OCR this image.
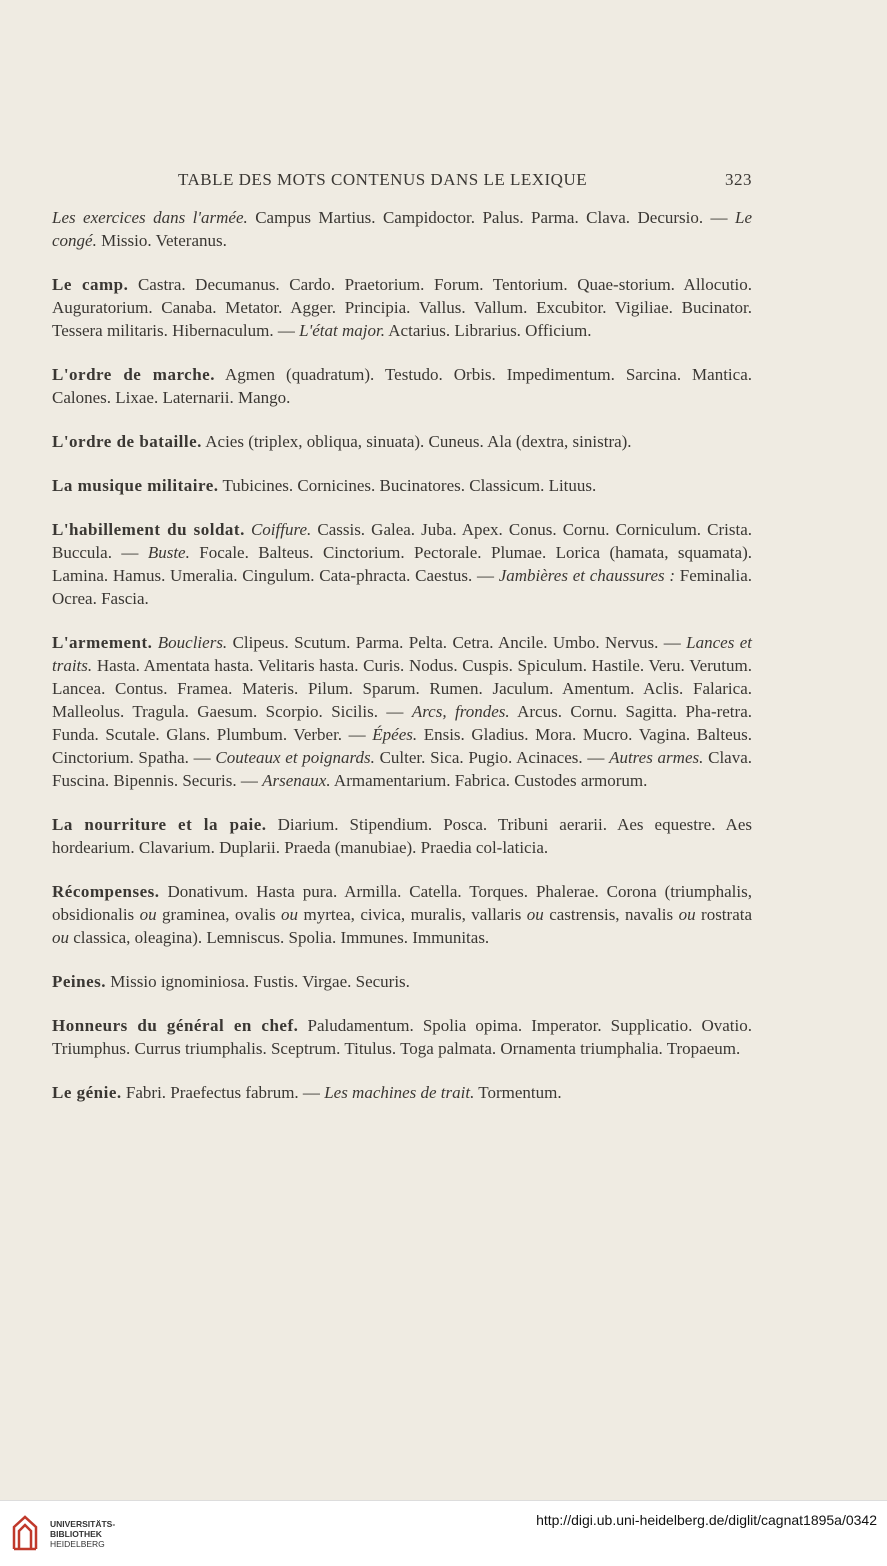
TABLE DES MOTS CONTENUS DANS LE LEXIQUE	323

Les exercices dans l'armée. Campus Martius. Campidoctor. Palus. Parma. Clava. Decursio. — Le congé. Missio. Veteranus.

Le camp. Castra. Decumanus. Cardo. Praetorium. Forum. Tentorium. Quae-storium. Allocutio. Auguratorium. Canaba. Metator. Agger. Principia. Vallus. Vallum. Excubitor. Vigiliae. Bucinator. Tessera militaris. Hibernaculum. — L'état major. Actarius. Librarius. Officium.

L'ordre de marche. Agmen (quadratum). Testudo. Orbis. Impedimentum. Sarcina. Mantica. Calones. Lixae. Laternarii. Mango.

L'ordre de bataille. Acies (triplex, obliqua, sinuata). Cuneus. Ala (dextra, sinistra).

La musique militaire. Tubicines. Cornicines. Bucinatores. Classicum. Lituus.

L'habillement du soldat. Coiffure. Cassis. Galea. Juba. Apex. Conus. Cornu. Corniculum. Crista. Buccula. — Buste. Focale. Balteus. Cinctorium. Pectorale. Plumae. Lorica (hamata, squamata). Lamina. Hamus. Umeralia. Cingulum. Cata-phracta. Caestus. — Jambières et chaussures : Feminalia. Ocrea. Fascia.

L'armement. Boucliers. Clipeus. Scutum. Parma. Pelta. Cetra. Ancile. Umbo. Nervus. — Lances et traits. Hasta. Amentata hasta. Velitaris hasta. Curis. Nodus. Cuspis. Spiculum. Hastile. Veru. Verutum. Lancea. Contus. Framea. Materis. Pilum. Sparum. Rumen. Jaculum. Amentum. Aclis. Falarica. Malleolus. Tragula. Gaesum. Scorpio. Sicilis. — Arcs, frondes. Arcus. Cornu. Sagitta. Pha-retra. Funda. Scutale. Glans. Plumbum. Verber. — Épées. Ensis. Gladius. Mora. Mucro. Vagina. Balteus. Cinctorium. Spatha. — Couteaux et poignards. Culter. Sica. Pugio. Acinaces. — Autres armes. Clava. Fuscina. Bipennis. Securis. — Arsenaux. Armamentarium. Fabrica. Custodes armorum.

La nourriture et la paie. Diarium. Stipendium. Posca. Tribuni aerarii. Aes equestre. Aes hordearium. Clavarium. Duplarii. Praeda (manubiae). Praedia col-laticia.

Récompenses. Donativum. Hasta pura. Armilla. Catella. Torques. Phalerae. Corona (triumphalis, obsidionalis ou graminea, ovalis ou myrtea, civica, muralis, vallaris ou castrensis, navalis ou rostrata ou classica, oleagina). Lemniscus. Spolia. Immunes. Immunitas.

Peines. Missio ignominiosa. Fustis. Virgae. Securis.

Honneurs du général en chef. Paludamentum. Spolia opima. Imperator. Supplicatio. Ovatio. Triumphus. Currus triumphalis. Sceptrum. Titulus. Toga palmata. Ornamenta triumphalia. Tropaeum.

Le génie. Fabri. Praefectus fabrum. — Les machines de trait. Tormentum.

UNIVERSITÄTS-
BIBLIOTHEK
HEIDELBERG
http://digi.ub.uni-heidelberg.de/diglit/cagnat1895a/0342
